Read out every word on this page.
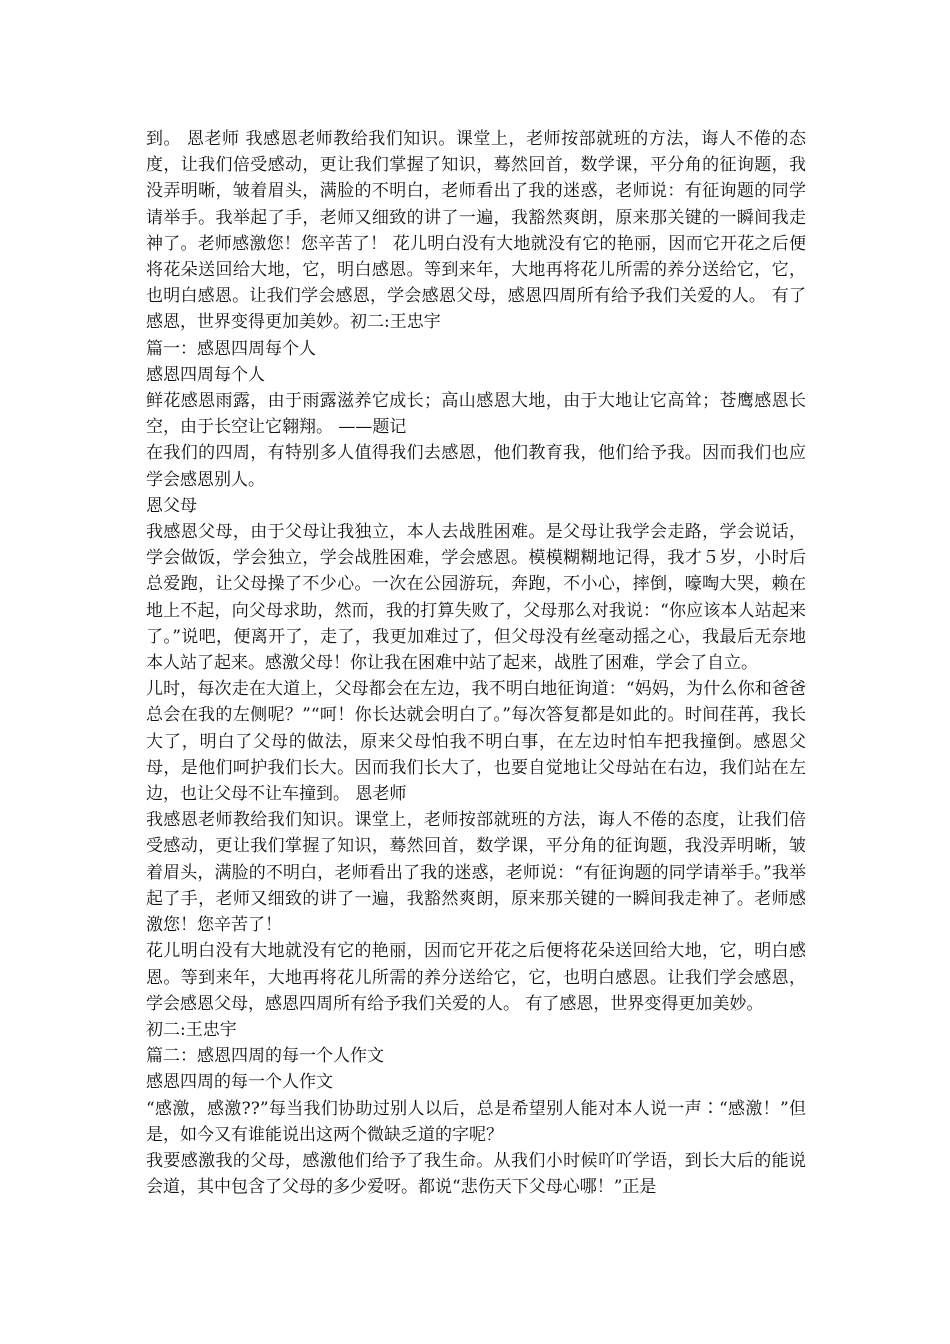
到。 恩老师 我感恩老师教给我们知识。课堂上，老师按部就班的方法，诲人不倦的态度，让我们倍受感动，更让我们掌握了知识，蓦然回首，数学课，平分角的征询题，我没弄明晰，皱着眉头，满脸的不明白，老师看出了我的迷惑，老师说：有征询题的同学请举手。我举起了手，老师又细致的讲了一遍，我豁然爽朗，原来那关键的一瞬间我走神了。老师感激您！您辛苦了！ 花儿明白没有大地就没有它的艳丽，因而它开花之后便将花朵送回给大地，它，明白感恩。等到来年，大地再将花儿所需的养分送给它，它，也明白感恩。让我们学会感恩，学会感恩父母，感恩四周所有给予我们关爱的人。 有了感恩，世界变得更加美妙。初二:王忠宇

篇一：感恩四周每个人

感恩四周每个人

鲜花感恩雨露，由于雨露滋养它成长；高山感恩大地，由于大地让它高耸；苍鹰感恩长空，由于长空让它翱翔。 ——题记

在我们的四周，有特别多人值得我们去感恩，他们教育我，他们给予我。因而我们也应学会感恩别人。

恩父母

我感恩父母，由于父母让我独立，本人去战胜困难。是父母让我学会走路，学会说话，学会做饭，学会独立，学会战胜困难，学会感恩。模模糊糊地记得，我才５岁，小时后总爱跑，让父母操了不少心。一次在公园游玩，奔跑，不小心，摔倒，嚎啕大哭，赖在地上不起，向父母求助，然而，我的打算失败了，父母那么对我说：“你应该本人站起来了。”说吧，便离开了，走了，我更加难过了，但父母没有丝毫动摇之心，我最后无奈地本人站了起来。感激父母！你让我在困难中站了起来，战胜了困难，学会了自立。

儿时，每次走在大道上，父母都会在左边，我不明白地征询道：“妈妈，为什么你和爸爸总会在我的左侧呢？”“呵！你长达就会明白了。”每次答复都是如此的。时间荏苒，我长大了，明白了父母的做法，原来父母怕我不明白事，在左边时怕车把我撞倒。感恩父母，是他们呵护我们长大。因而我们长大了，也要自觉地让父母站在右边，我们站在左边，也让父母不让车撞到。 恩老师

我感恩老师教给我们知识。课堂上，老师按部就班的方法，诲人不倦的态度，让我们倍受感动，更让我们掌握了知识，蓦然回首，数学课，平分角的征询题，我没弄明晰，皱着眉头，满脸的不明白，老师看出了我的迷惑，老师说：“有征询题的同学请举手。”我举起了手，老师又细致的讲了一遍，我豁然爽朗，原来那关键的一瞬间我走神了。老师感激您！您辛苦了！

花儿明白没有大地就没有它的艳丽，因而它开花之后便将花朵送回给大地，它，明白感恩。等到来年，大地再将花儿所需的养分送给它，它，也明白感恩。让我们学会感恩，学会感恩父母，感恩四周所有给予我们关爱的人。 有了感恩，世界变得更加美妙。

初二:王忠宇

篇二：感恩四周的每一个人作文

感恩四周的每一个人作文

“感激，感激??”每当我们协助过别人以后，总是希望别人能对本人说一声∶“感激！”但是，如今又有谁能说出这两个微缺乏道的字呢？

我要感激我的父母，感激他们给予了我生命。从我们小时候吖吖学语，到长大后的能说会道，其中包含了父母的多少爱呀。都说“悲伤天下父母心哪！”正是
